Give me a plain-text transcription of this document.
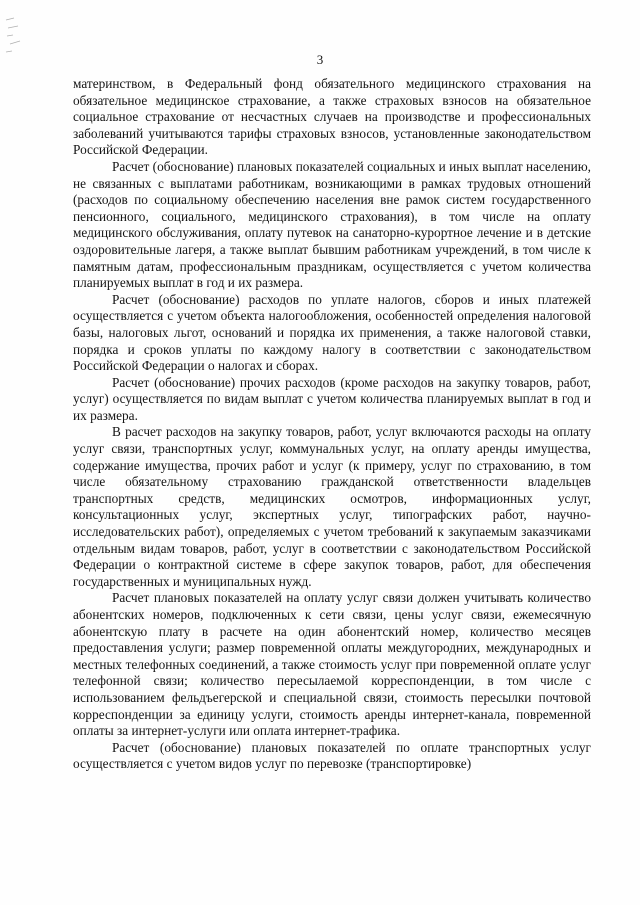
3

материнством, в Федеральный фонд обязательного медицинского страхования на обязательное медицинское страхование, а также страховых взносов на обязательное социальное страхование от несчастных случаев на производстве и профессиональных заболеваний учитываются тарифы страховых взносов, установленные законодательством Российской Федерации.

Расчет (обоснование) плановых показателей социальных и иных выплат населению, не связанных с выплатами работникам, возникающими в рамках трудовых отношений (расходов по социальному обеспечению населения вне рамок систем государственного пенсионного, социального, медицинского страхования), в том числе на оплату медицинского обслуживания, оплату путевок на санаторно-курортное лечение и в детские оздоровительные лагеря, а также выплат бывшим работникам учреждений, в том числе к памятным датам, профессиональным праздникам, осуществляется с учетом количества планируемых выплат в год и их размера.

Расчет (обоснование) расходов по уплате налогов, сборов и иных платежей осуществляется с учетом объекта налогообложения, особенностей определения налоговой базы, налоговых льгот, оснований и порядка их применения, а также налоговой ставки, порядка и сроков уплаты по каждому налогу в соответствии с законодательством Российской Федерации о налогах и сборах.

Расчет (обоснование) прочих расходов (кроме расходов на закупку товаров, работ, услуг) осуществляется по видам выплат с учетом количества планируемых выплат в год и их размера.

В расчет расходов на закупку товаров, работ, услуг включаются расходы на оплату услуг связи, транспортных услуг, коммунальных услуг, на оплату аренды имущества, содержание имущества, прочих работ и услуг (к примеру, услуг по страхованию, в том числе обязательному страхованию гражданской ответственности владельцев транспортных средств, медицинских осмотров, информационных услуг, консультационных услуг, экспертных услуг, типографских работ, научно-исследовательских работ), определяемых с учетом требований к закупаемым заказчиками отдельным видам товаров, работ, услуг в соответствии с законодательством Российской Федерации о контрактной системе в сфере закупок товаров, работ, для обеспечения государственных и муниципальных нужд.

Расчет плановых показателей на оплату услуг связи должен учитывать количество абонентских номеров, подключенных к сети связи, цены услуг связи, ежемесячную абонентскую плату в расчете на один абонентский номер, количество месяцев предоставления услуги; размер повременной оплаты междугородних, международных и местных телефонных соединений, а также стоимость услуг при повременной оплате услуг телефонной связи; количество пересылаемой корреспонденции, в том числе с использованием фельдъегерской и специальной связи, стоимость пересылки почтовой корреспонденции за единицу услуги, стоимость аренды интернет-канала, повременной оплаты за интернет-услуги или оплата интернет-трафика.

Расчет (обоснование) плановых показателей по оплате транспортных услуг осуществляется с учетом видов услуг по перевозке (транспортировке)
